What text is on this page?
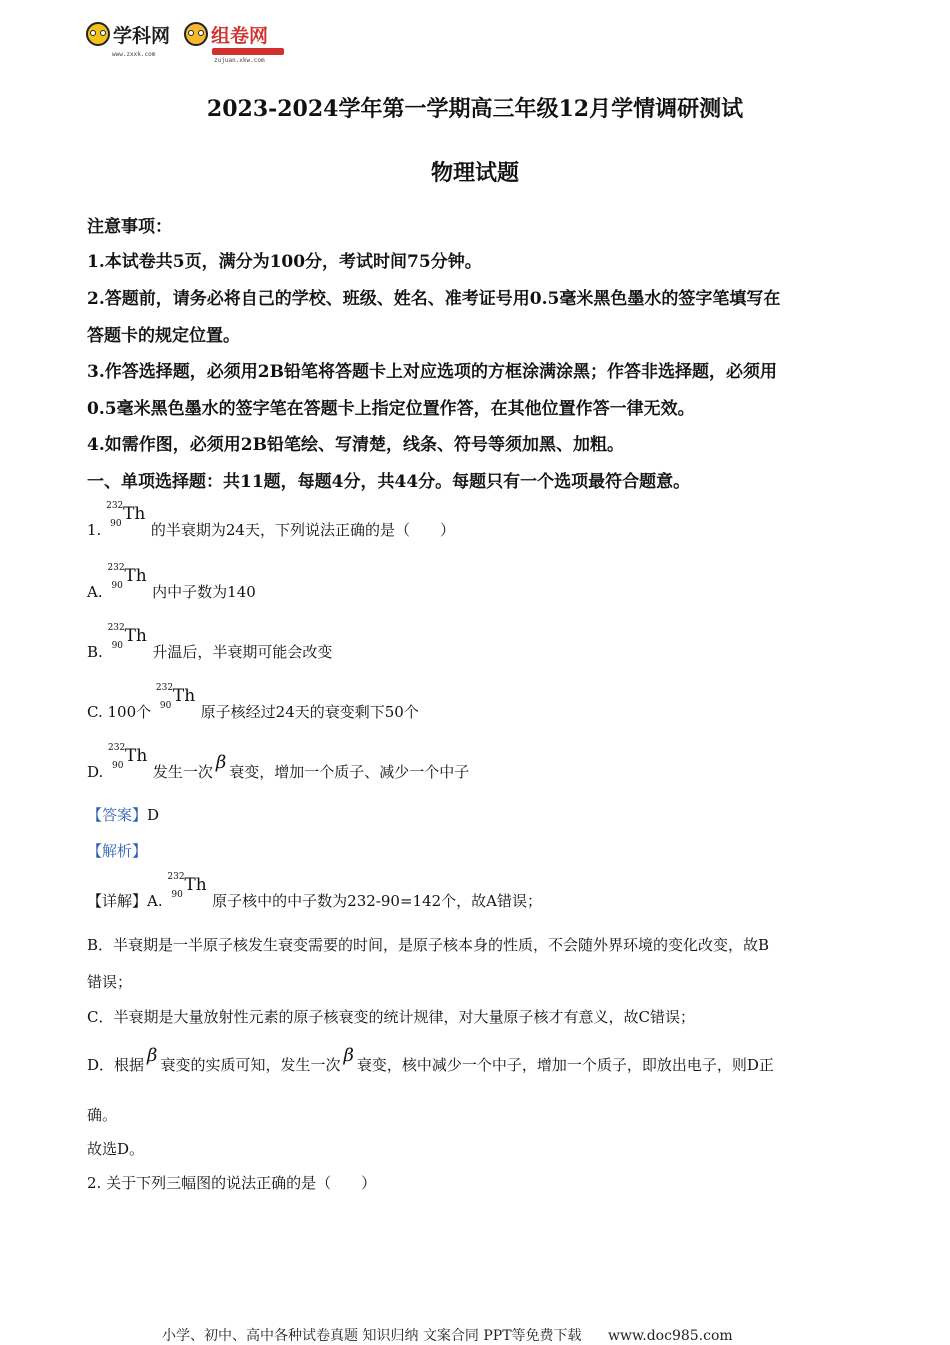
学科网
www.zxxk.com
组卷网
zujuan.xkw.com
2023-2024学年第一学期高三年级12月学情调研测试
物理试题
注意事项：
1.本试卷共5页，满分为100分，考试时间75分钟。
2.答题前，请务必将自己的学校、班级、姓名、准考证号用0.5毫米黑色墨水的签字笔填写在
答题卡的规定位置。
3.作答选择题，必须用2B铅笔将答题卡上对应选项的方框涂满涂黑；作答非选择题，必须用
0.5毫米黑色墨水的签字笔在答题卡上指定位置作答，在其他位置作答一律无效。
4.如需作图，必须用2B铅笔绘、写清楚，线条、符号等须加黑、加粗。
一、单项选择题：共11题，每题4分，共44分。每题只有一个选项最符合题意。
1.
232
90 Th
的半衰期为24天，下列说法正确的是（　　）
A.
232
90 Th
内中子数为140
B.
232
90 Th
升温后，半衰期可能会改变
C. 100个
232
90 Th
原子核经过24天的衰变剩下50个
D.
232
90 Th
发生一次 β 衰变，增加一个质子、减少一个中子
【答案】D
【解析】
【详解】A.
232
90 Th
原子核中的中子数为232-90=142个，故A错误；
B．半衰期是一半原子核发生衰变需要的时间，是原子核本身的性质，不会随外界环境的变化改变，故B
错误；
C．半衰期是大量放射性元素的原子核衰变的统计规律，对大量原子核才有意义，故C错误；
D．根据 β 衰变的实质可知，发生一次 β 衰变，核中减少一个中子，增加一个质子，即放出电子，则D正
确。
故选D。
2. 关于下列三幅图的说法正确的是（　　）
小学、初中、高中各种试卷真题 知识归纳 文案合同 PPT等免费下载 www.doc985.com
